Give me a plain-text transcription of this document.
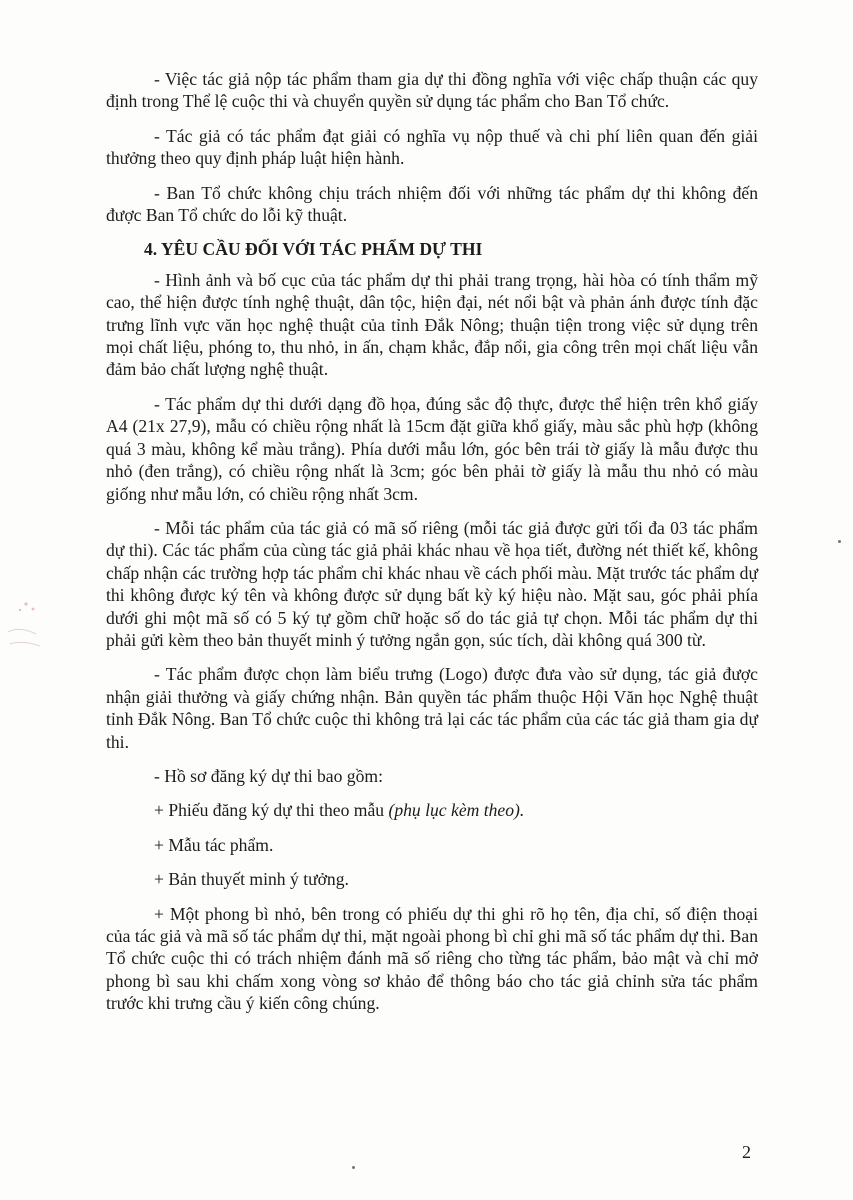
- Việc tác giả nộp tác phẩm tham gia dự thi đồng nghĩa với việc chấp thuận các quy định trong Thể lệ cuộc thi và chuyển quyền sử dụng tác phẩm cho Ban Tổ chức.

- Tác giả có tác phẩm đạt giải có nghĩa vụ nộp thuế và chi phí liên quan đến giải thưởng theo quy định pháp luật hiện hành.

- Ban Tổ chức không chịu trách nhiệm đối với những tác phẩm dự thi không đến được Ban Tổ chức do lỗi kỹ thuật.

4. YÊU CẦU ĐỐI VỚI TÁC PHẨM DỰ THI

- Hình ảnh và bố cục của tác phẩm dự thi phải trang trọng, hài hòa có tính thẩm mỹ cao, thể hiện được tính nghệ thuật, dân tộc, hiện đại, nét nổi bật và phản ánh được tính đặc trưng lĩnh vực văn học nghệ thuật của tỉnh Đắk Nông; thuận tiện trong việc sử dụng trên mọi chất liệu, phóng to, thu nhỏ, in ấn, chạm khắc, đắp nổi, gia công trên mọi chất liệu vẫn đảm bảo chất lượng nghệ thuật.

- Tác phẩm dự thi dưới dạng đồ họa, đúng sắc độ thực, được thể hiện trên khổ giấy A4 (21x 27,9), mẫu có chiều rộng nhất là 15cm đặt giữa khổ giấy, màu sắc phù hợp (không quá 3 màu, không kể màu trắng). Phía dưới mẫu lớn, góc bên trái tờ giấy là mẫu được thu nhỏ (đen trắng), có chiều rộng nhất là 3cm; góc bên phải tờ giấy là mẫu thu nhỏ có màu giống như mẫu lớn, có chiều rộng nhất 3cm.

- Mỗi tác phẩm của tác giả có mã số riêng (mỗi tác giả được gửi tối đa 03 tác phẩm dự thi). Các tác phẩm của cùng tác giả phải khác nhau về họa tiết, đường nét thiết kế, không chấp nhận các trường hợp tác phẩm chỉ khác nhau về cách phối màu. Mặt trước tác phẩm dự thi không được ký tên và không được sử dụng bất kỳ ký hiệu nào. Mặt sau, góc phải phía dưới ghi một mã số có 5 ký tự gồm chữ hoặc số do tác giả tự chọn. Mỗi tác phẩm dự thi phải gửi kèm theo bản thuyết minh ý tưởng ngắn gọn, súc tích, dài không quá 300 từ.

- Tác phẩm được chọn làm biểu trưng (Logo) được đưa vào sử dụng, tác giả được nhận giải thưởng và giấy chứng nhận. Bản quyền tác phẩm thuộc Hội Văn học Nghệ thuật tỉnh Đắk Nông. Ban Tổ chức cuộc thi không trả lại các tác phẩm của các tác giả tham gia dự thi.

- Hồ sơ đăng ký dự thi bao gồm:

+ Phiếu đăng ký dự thi theo mẫu (phụ lục kèm theo).

+ Mẫu tác phẩm.

+ Bản thuyết minh ý tưởng.

+ Một phong bì nhỏ, bên trong có phiếu dự thi ghi rõ họ tên, địa chỉ, số điện thoại của tác giả và mã số tác phẩm dự thi, mặt ngoài phong bì chỉ ghi mã số tác phẩm dự thi. Ban Tổ chức cuộc thi có trách nhiệm đánh mã số riêng cho từng tác phẩm, bảo mật và chỉ mở phong bì sau khi chấm xong vòng sơ khảo để thông báo cho tác giả chỉnh sửa tác phẩm trước khi trưng cầu ý kiến công chúng.

2
